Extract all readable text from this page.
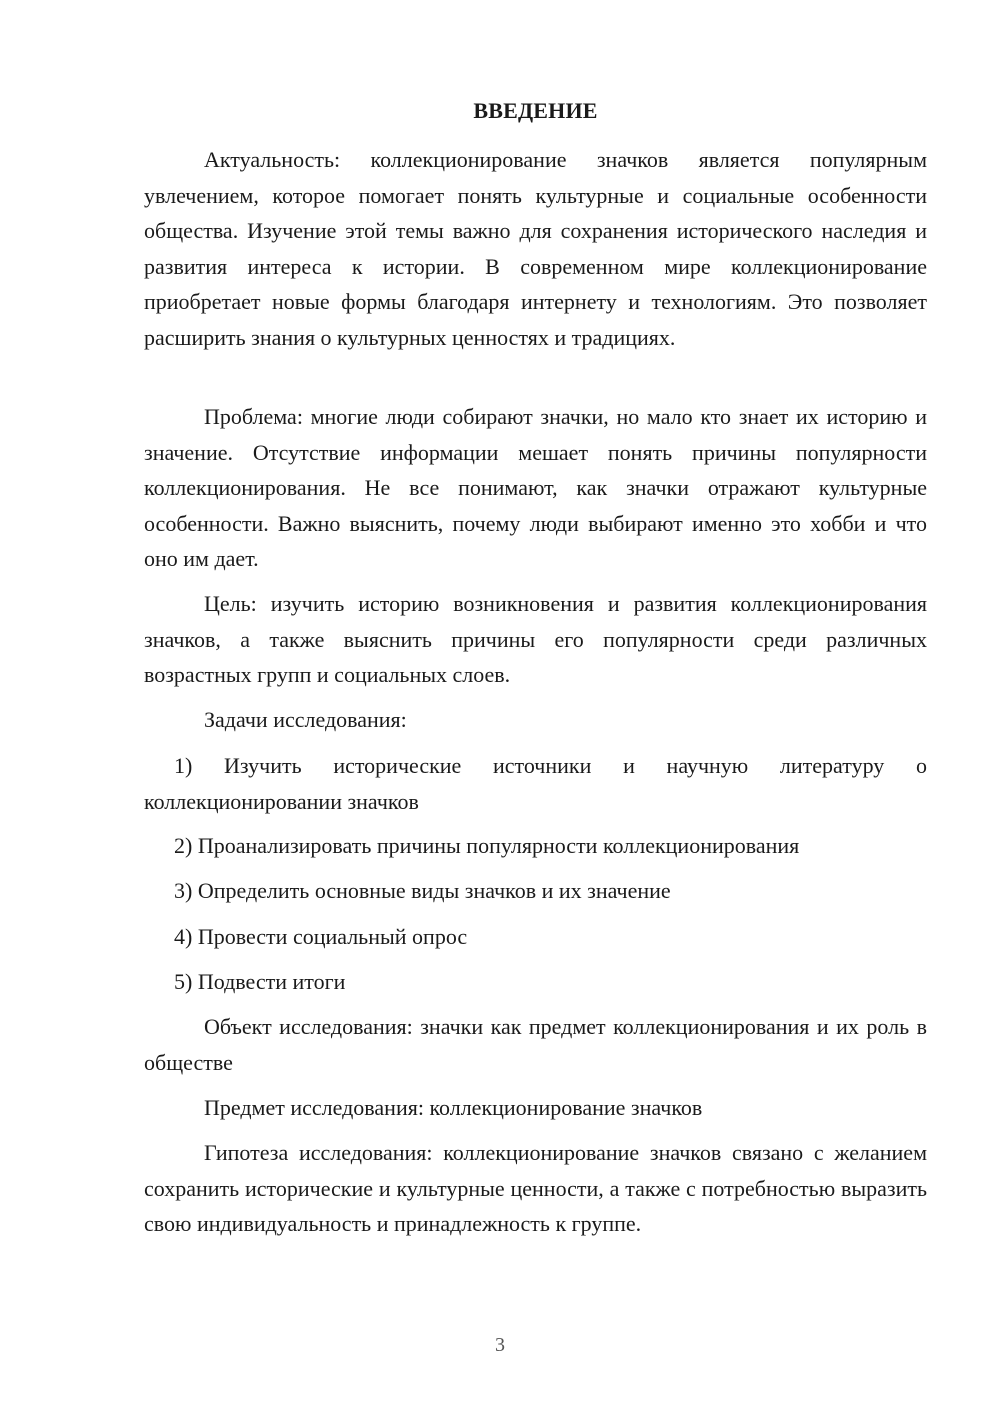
ВВЕДЕНИЕ

Актуальность: коллекционирование значков является популярным увлечением, которое помогает понять культурные и социальные особенности общества. Изучение этой темы важно для сохранения исторического наследия и развития интереса к истории. В современном мире коллекционирование приобретает новые формы благодаря интернету и технологиям. Это позволяет расширить знания о культурных ценностях и традициях.

Проблема: многие люди собирают значки, но мало кто знает их историю и значение. Отсутствие информации мешает понять причины популярности коллекционирования. Не все понимают, как значки отражают культурные особенности. Важно выяснить, почему люди выбирают именно это хобби и что оно им дает.

Цель: изучить историю возникновения и развития коллекционирования значков, а также выяснить причины его популярности среди различных возрастных групп и социальных слоев.

Задачи исследования:

1) Изучить исторические источники и научную литературу о коллекционировании значков

2) Проанализировать причины популярности коллекционирования

3) Определить основные виды значков и их значение

4) Провести социальный опрос

5) Подвести итоги

Объект исследования: значки как предмет коллекционирования и их роль в обществе

Предмет исследования: коллекционирование значков

Гипотеза исследования: коллекционирование значков связано с желанием сохранить исторические и культурные ценности, а также с потребностью выразить свою индивидуальность и принадлежность к группе.

3
